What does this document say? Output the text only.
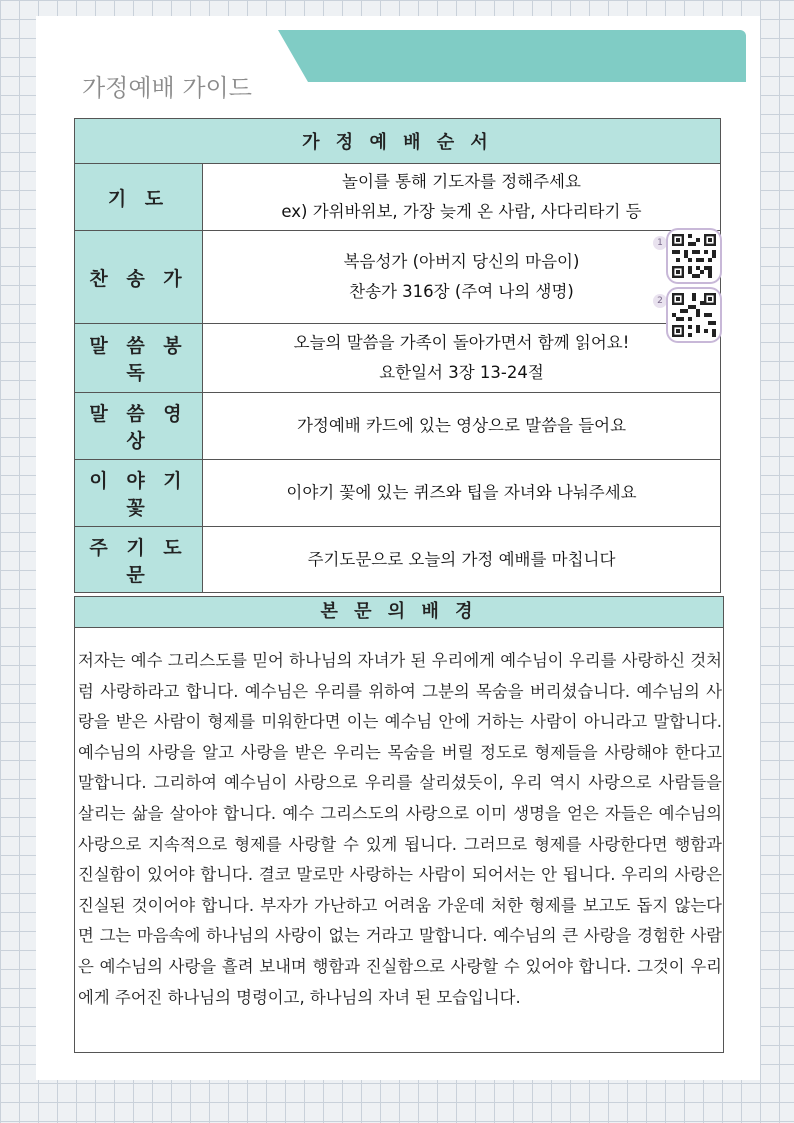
가정예배 가이드
가 정 예 배 순 서	
기 도	놀이를 통해 기도자를 정해주세요
ex) 가위바위보, 가장 늦게 온 사람, 사다리타기 등

찬 송 가	복음성가 (아버지 당신의 마음이)
찬송가 316장 (주여 나의 생명)

말 씀 봉 독	오늘의 말씀을 가족이 돌아가면서 함께 읽어요!
요한일서 3장 13-24절

말 씀 영 상	가정예배 카드에 있는 영상으로 말씀을 들어요

이 야 기 꽃	이야기 꽃에 있는 퀴즈와 팁을 자녀와 나눠주세요

주 기 도 문	주기도문으로 오늘의 가정 예배를 마칩니다
1
2
본 문 의 배 경
저자는 예수 그리스도를 믿어 하나님의 자녀가 된 우리에게 예수님이 우리를 사랑하신 것처럼 사랑하라고 합니다. 예수님은 우리를 위하여 그분의 목숨을 버리셨습니다. 예수님의 사랑을 받은 사람이 형제를 미워한다면 이는 예수님 안에 거하는 사람이 아니라고 말합니다. 예수님의 사랑을 알고 사랑을 받은 우리는 목숨을 버릴 정도로 형제들을 사랑해야 한다고 말합니다. 그리하여 예수님이 사랑으로 우리를 살리셨듯이, 우리 역시 사랑으로 사람들을 살리는 삶을 살아야 합니다. 예수 그리스도의 사랑으로 이미 생명을 얻은 자들은 예수님의 사랑으로 지속적으로 형제를 사랑할 수 있게 됩니다. 그러므로 형제를 사랑한다면 행함과 진실함이 있어야 합니다. 결코 말로만 사랑하는 사람이 되어서는 안 됩니다. 우리의 사랑은 진실된 것이어야 합니다. 부자가 가난하고 어려움 가운데 처한 형제를 보고도 돕지 않는다면 그는 마음속에 하나님의 사랑이 없는 거라고 말합니다. 예수님의 큰 사랑을 경험한 사람은 예수님의 사랑을 흘려 보내며 행함과 진실함으로 사랑할 수 있어야 합니다. 그것이 우리에게 주어진 하나님의 명령이고, 하나님의 자녀 된 모습입니다.
